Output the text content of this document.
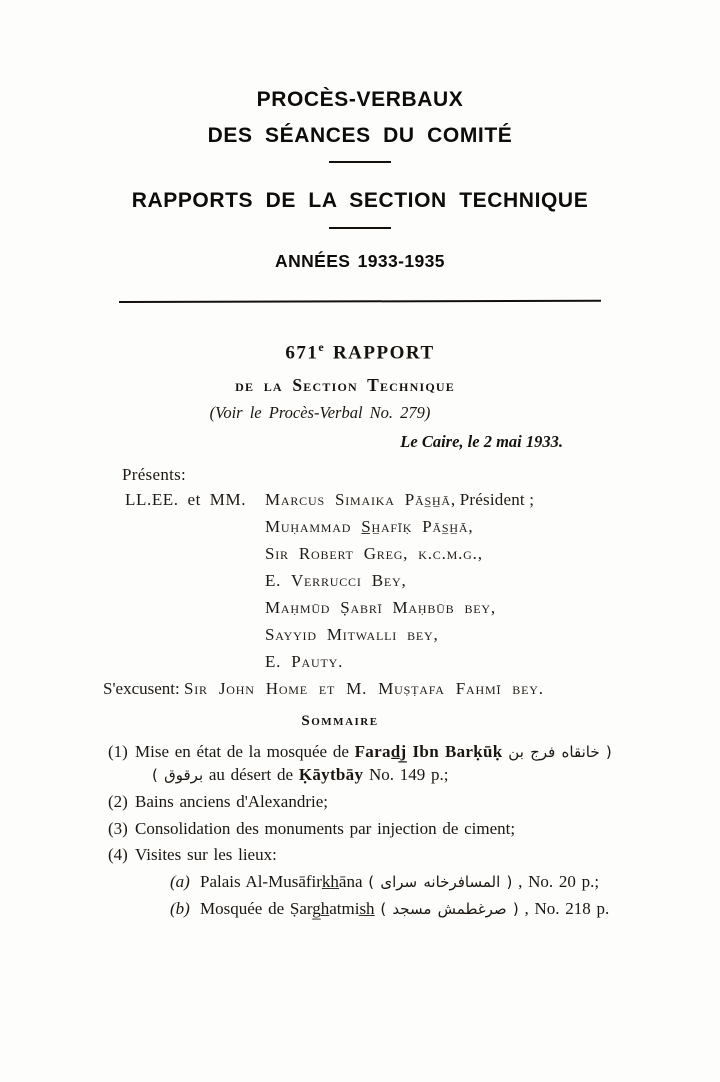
PROCÈS-VERBAUX
DES SÉANCES DU COMITÉ
RAPPORTS DE LA SECTION TECHNIQUE
ANNÉES 1933-1935
671e RAPPORT
de la Section Technique
(Voir le Procès-Verbal No. 279)
Le Caire, le 2 mai 1933.
Présents:
LL.EE. et MM. Marcus Simaika Pās̲h̲ā, Président ;
Muḥammad S̲h̲afīḳ Pās̲h̲ā,
Sir Robert Greg, k.c.m.g.,
E. Verrucci Bey,
Maḥmūd Ṣabrī Maḥbūb bey,
Sayyid Mitwalli bey,
E. Pauty.
S'excusent: Sir John Home et M. Muṣṭafa Fahmī bey.
Sommaire
(1) Mise en état de la mosquée de Farad̲j̲ Ibn Barḳūḳ ( خانقاه فرج بن
برقوق ) au désert de Ḳāytbāy No. 149 p.;
(2) Bains anciens d'Alexandrie;
(3) Consolidation des monuments par injection de ciment;
(4) Visites sur les lieux:
(a) Palais Al-Musāfirk̲h̲āna ( المسافرخانه سراى ) , No. 20 p.;
(b) Mosquée de Ṣarg̲h̲atmis̲h̲ ( صرغطمش مسجد ) , No. 218 p.
